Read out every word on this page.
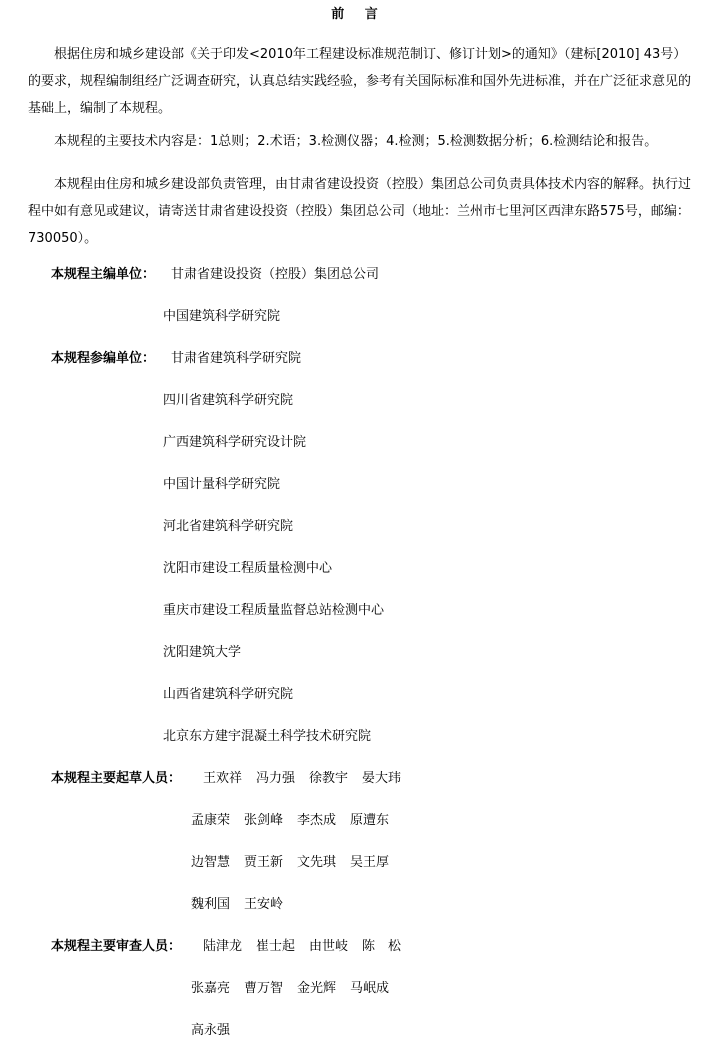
前 言
根据住房和城乡建设部《关于印发<2010年工程建设标准规范制订、修订计划>的通知》（建标[2010] 43号）的要求，规程编制组经广泛调查研究，认真总结实践经验，参考有关国际标准和国外先进标准，并在广泛征求意见的基础上，编制了本规程。
本规程的主要技术内容是：1总则；2.术语；3.检测仪器；4.检测；5.检测数据分析；6.检测结论和报告。
本规程由住房和城乡建设部负责管理，由甘肃省建设投资（控股）集团总公司负责具体技术内容的解释。执行过程中如有意见或建议，请寄送甘肃省建设投资（控股）集团总公司（地址：兰州市七里河区西津东路575号，邮编：730050）。
本规程主编单位： 甘肃省建设投资（控股）集团总公司
中国建筑科学研究院
本规程参编单位： 甘肃省建筑科学研究院
四川省建筑科学研究院
广西建筑科学研究设计院
中国计量科学研究院
河北省建筑科学研究院
沈阳市建设工程质量检测中心
重庆市建设工程质量监督总站检测中心
沈阳建筑大学
山西省建筑科学研究院
北京东方建宇混凝土科学技术研究院
本规程主要起草人员： 王欢祥 冯力强 徐教宇 晏大玮
孟康荣 张剑峰 李杰成 原遭东
边智慧 贾王新 文先琪 吴王厚
魏利国 王安岭
本规程主要审查人员： 陆津龙 崔士起 由世岐 陈　松
张嘉亮 曹万智 金光辉 马岷成
高永强
